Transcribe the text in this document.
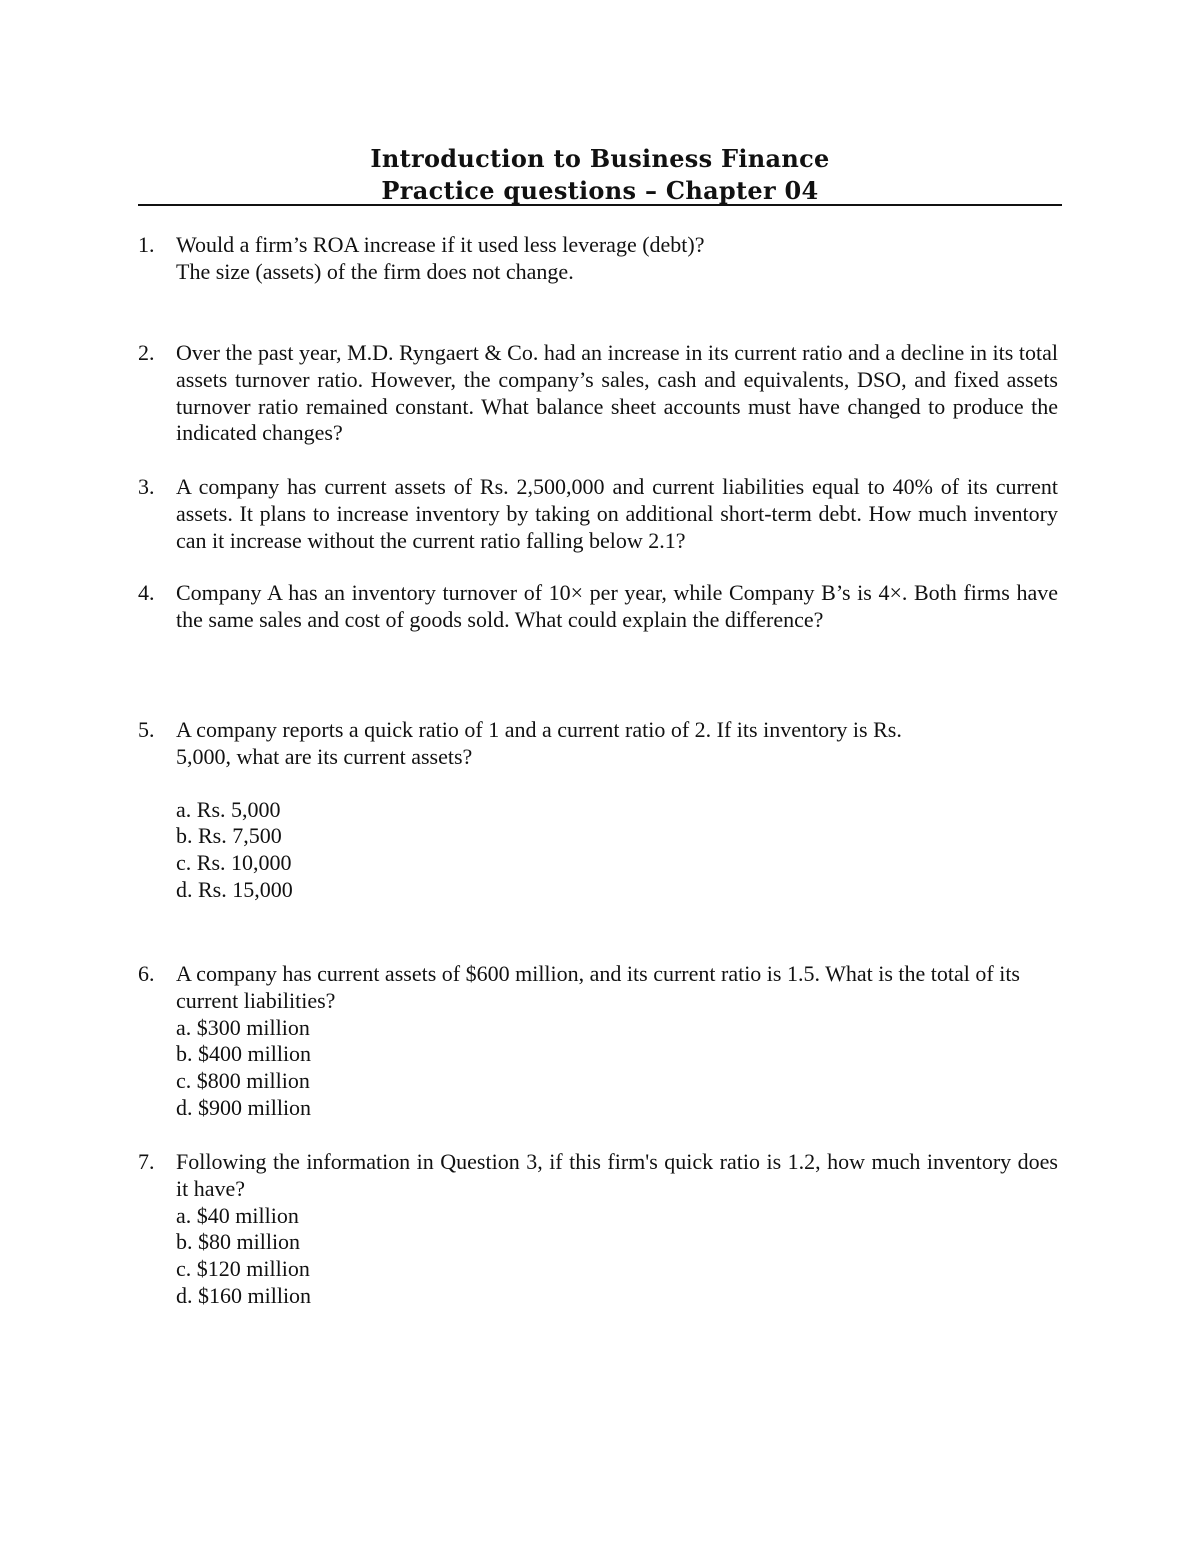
Introduction to Business Finance
Practice questions – Chapter 04
1. Would a firm’s ROA increase if it used less leverage (debt)?
The size (assets) of the firm does not change.
2. Over the past year, M.D. Ryngaert & Co. had an increase in its current ratio and a decline in its total assets turnover ratio. However, the company’s sales, cash and equivalents, DSO, and fixed assets turnover ratio remained constant. What balance sheet accounts must have changed to produce the indicated changes?
3. A company has current assets of Rs. 2,500,000 and current liabilities equal to 40% of its current assets. It plans to increase inventory by taking on additional short-term debt. How much inventory can it increase without the current ratio falling below 2.1?
4. Company A has an inventory turnover of 10× per year, while Company B’s is 4×. Both firms have the same sales and cost of goods sold. What could explain the difference?
5. A company reports a quick ratio of 1 and a current ratio of 2. If its inventory is Rs.
5,000, what are its current assets?
a. Rs. 5,000
b. Rs. 7,500
c. Rs. 10,000
d. Rs. 15,000
6. A company has current assets of $600 million, and its current ratio is 1.5. What is the total of its current liabilities?
a. $300 million
b. $400 million
c. $800 million
d. $900 million
7. Following the information in Question 3, if this firm's quick ratio is 1.2, how much inventory does it have?
a. $40 million
b. $80 million
c. $120 million
d. $160 million
